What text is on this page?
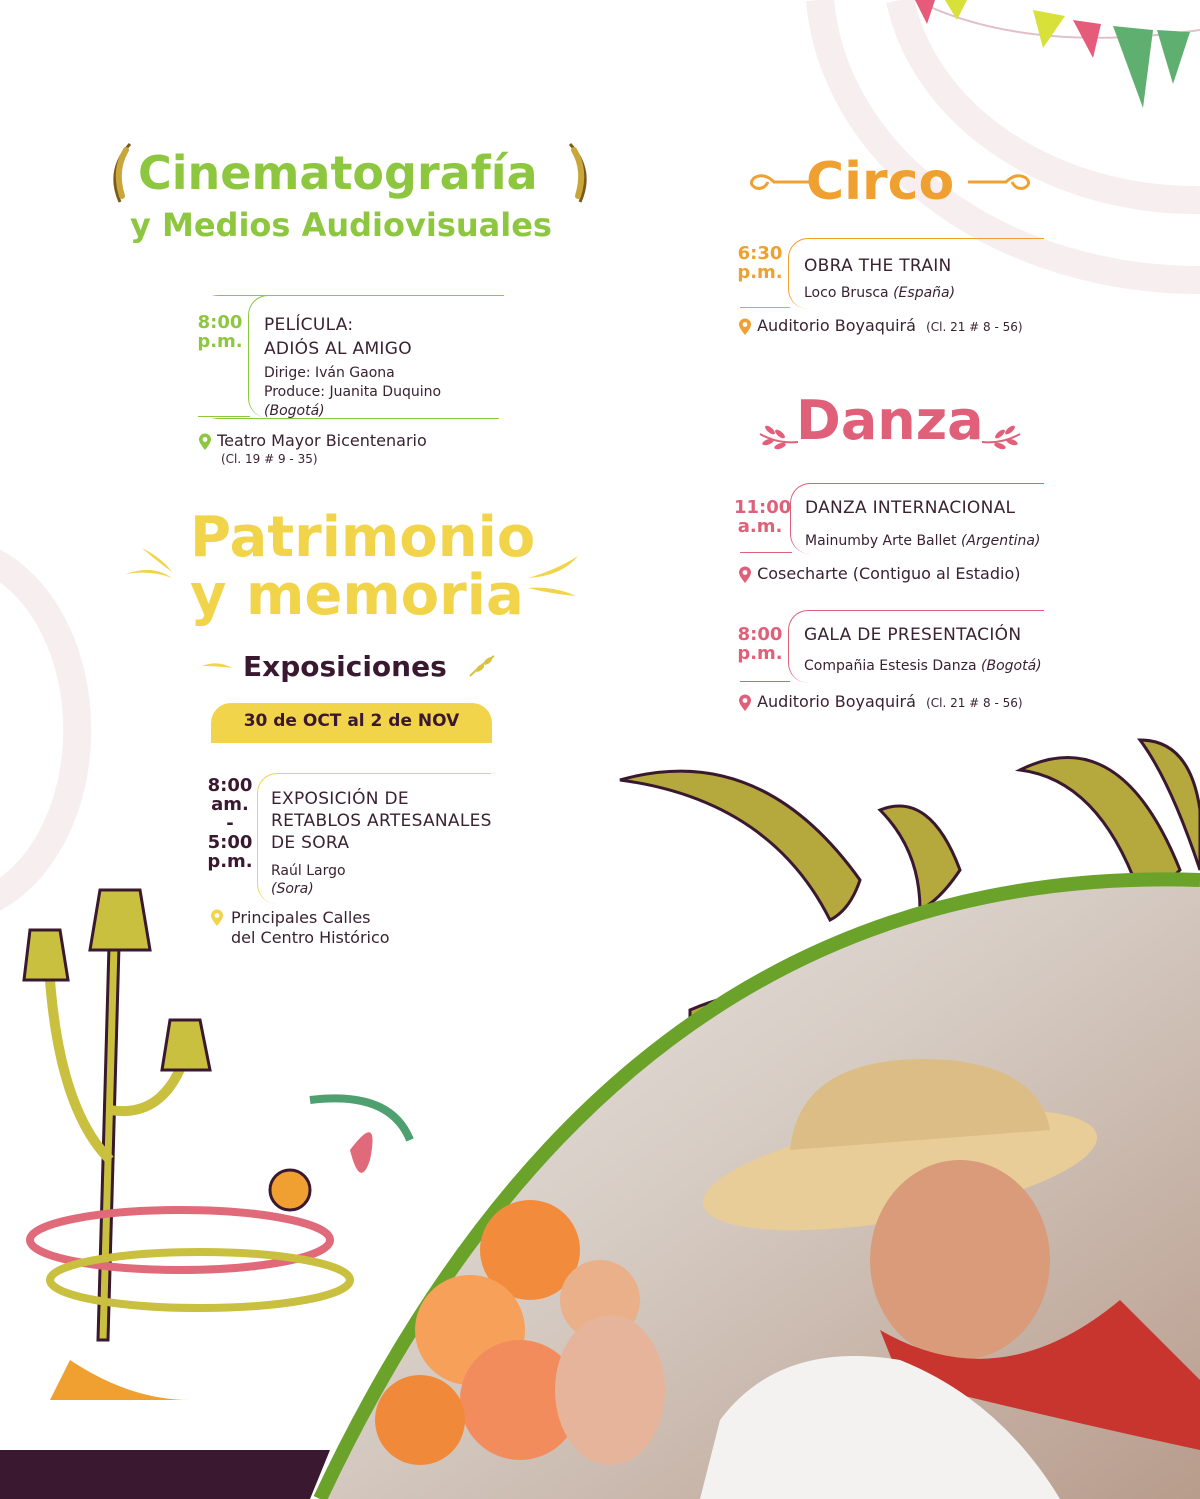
Cinematografía
y Medios Audiovisuales
8:00
p.m.
PELÍCULA:
ADIÓS AL AMIGO
Dirige: Iván Gaona
Produce: Juanita Duquino
(Bogotá)
Teatro Mayor Bicentenario
(Cl. 19 # 9 - 35)
Patrimonio
y memoria
Exposiciones
30 de OCT al 2 de NOV
8:00
am.
-
5:00
p.m.
EXPOSICIÓN DE
RETABLOS ARTESANALES
DE SORA
Raúl Largo
(Sora)
Principales Calles
del Centro Histórico
Circo
6:30
p.m. OBRA THE TRAIN
Loco Brusca (España)
Auditorio Boyaquirá (Cl. 21 # 8 - 56)
Danza
11:00
a.m.
DANZA INTERNACIONAL
Mainumby Arte Ballet (Argentina)
Cosecharte (Contiguo al Estadio)
8:00
p.m.
GALA DE PRESENTACIÓN
Compañia Estesis Danza (Bogotá)
Auditorio Boyaquirá (Cl. 21 # 8 - 56)
